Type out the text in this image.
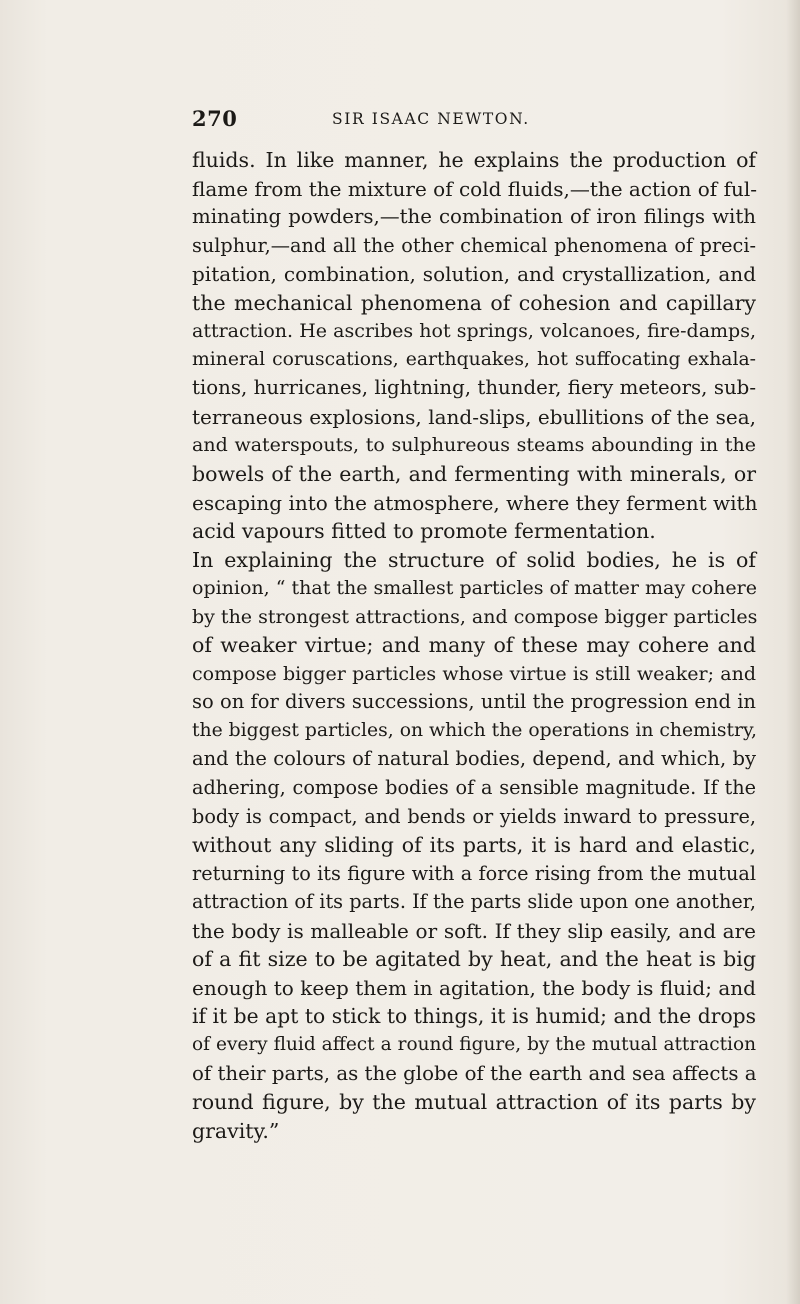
270	SIR ISAAC NEWTON.
fluids. In like manner, he explains the production of
flame from the mixture of cold fluids,—the action of ful-
minating powders,—the combination of iron filings with
sulphur,—and all the other chemical phenomena of preci-
pitation, combination, solution, and crystallization, and
the mechanical phenomena of cohesion and capillary
attraction. He ascribes hot springs, volcanoes, fire-damps,
mineral coruscations, earthquakes, hot suffocating exhala-
tions, hurricanes, lightning, thunder, fiery meteors, sub-
terraneous explosions, land-slips, ebullitions of the sea,
and waterspouts, to sulphureous steams abounding in the
bowels of the earth, and fermenting with minerals, or
escaping into the atmosphere, where they ferment with
acid vapours fitted to promote fermentation.
In explaining the structure of solid bodies, he is of
opinion, “ that the smallest particles of matter may cohere
by the strongest attractions, and compose bigger particles
of weaker virtue; and many of these may cohere and
compose bigger particles whose virtue is still weaker; and
so on for divers successions, until the progression end in
the biggest particles, on which the operations in chemistry,
and the colours of natural bodies, depend, and which, by
adhering, compose bodies of a sensible magnitude. If the
body is compact, and bends or yields inward to pressure,
without any sliding of its parts, it is hard and elastic,
returning to its figure with a force rising from the mutual
attraction of its parts. If the parts slide upon one another,
the body is malleable or soft. If they slip easily, and are
of a fit size to be agitated by heat, and the heat is big
enough to keep them in agitation, the body is fluid; and
if it be apt to stick to things, it is humid; and the drops
of every fluid affect a round figure, by the mutual attraction
of their parts, as the globe of the earth and sea affects a
round figure, by the mutual attraction of its parts by
gravity.”
